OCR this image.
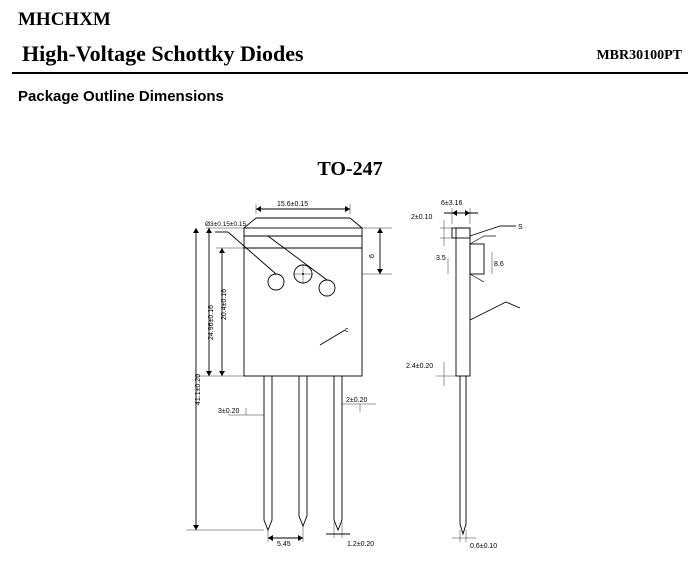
MHCHXM
High-Voltage Schottky Diodes	MBR30100PT
Package Outline Dimensions
TO-247
Ø3±0.15±0.15
15.6±0.15
20.4±0.16
24.96±0.16
41.1±0.20
6
3±0.20
2±0.20
5.45	1.2±0.20
c
6±3.16
2±0.10
3.5
8.6
2.4±0.20
0.6±0.10
S
